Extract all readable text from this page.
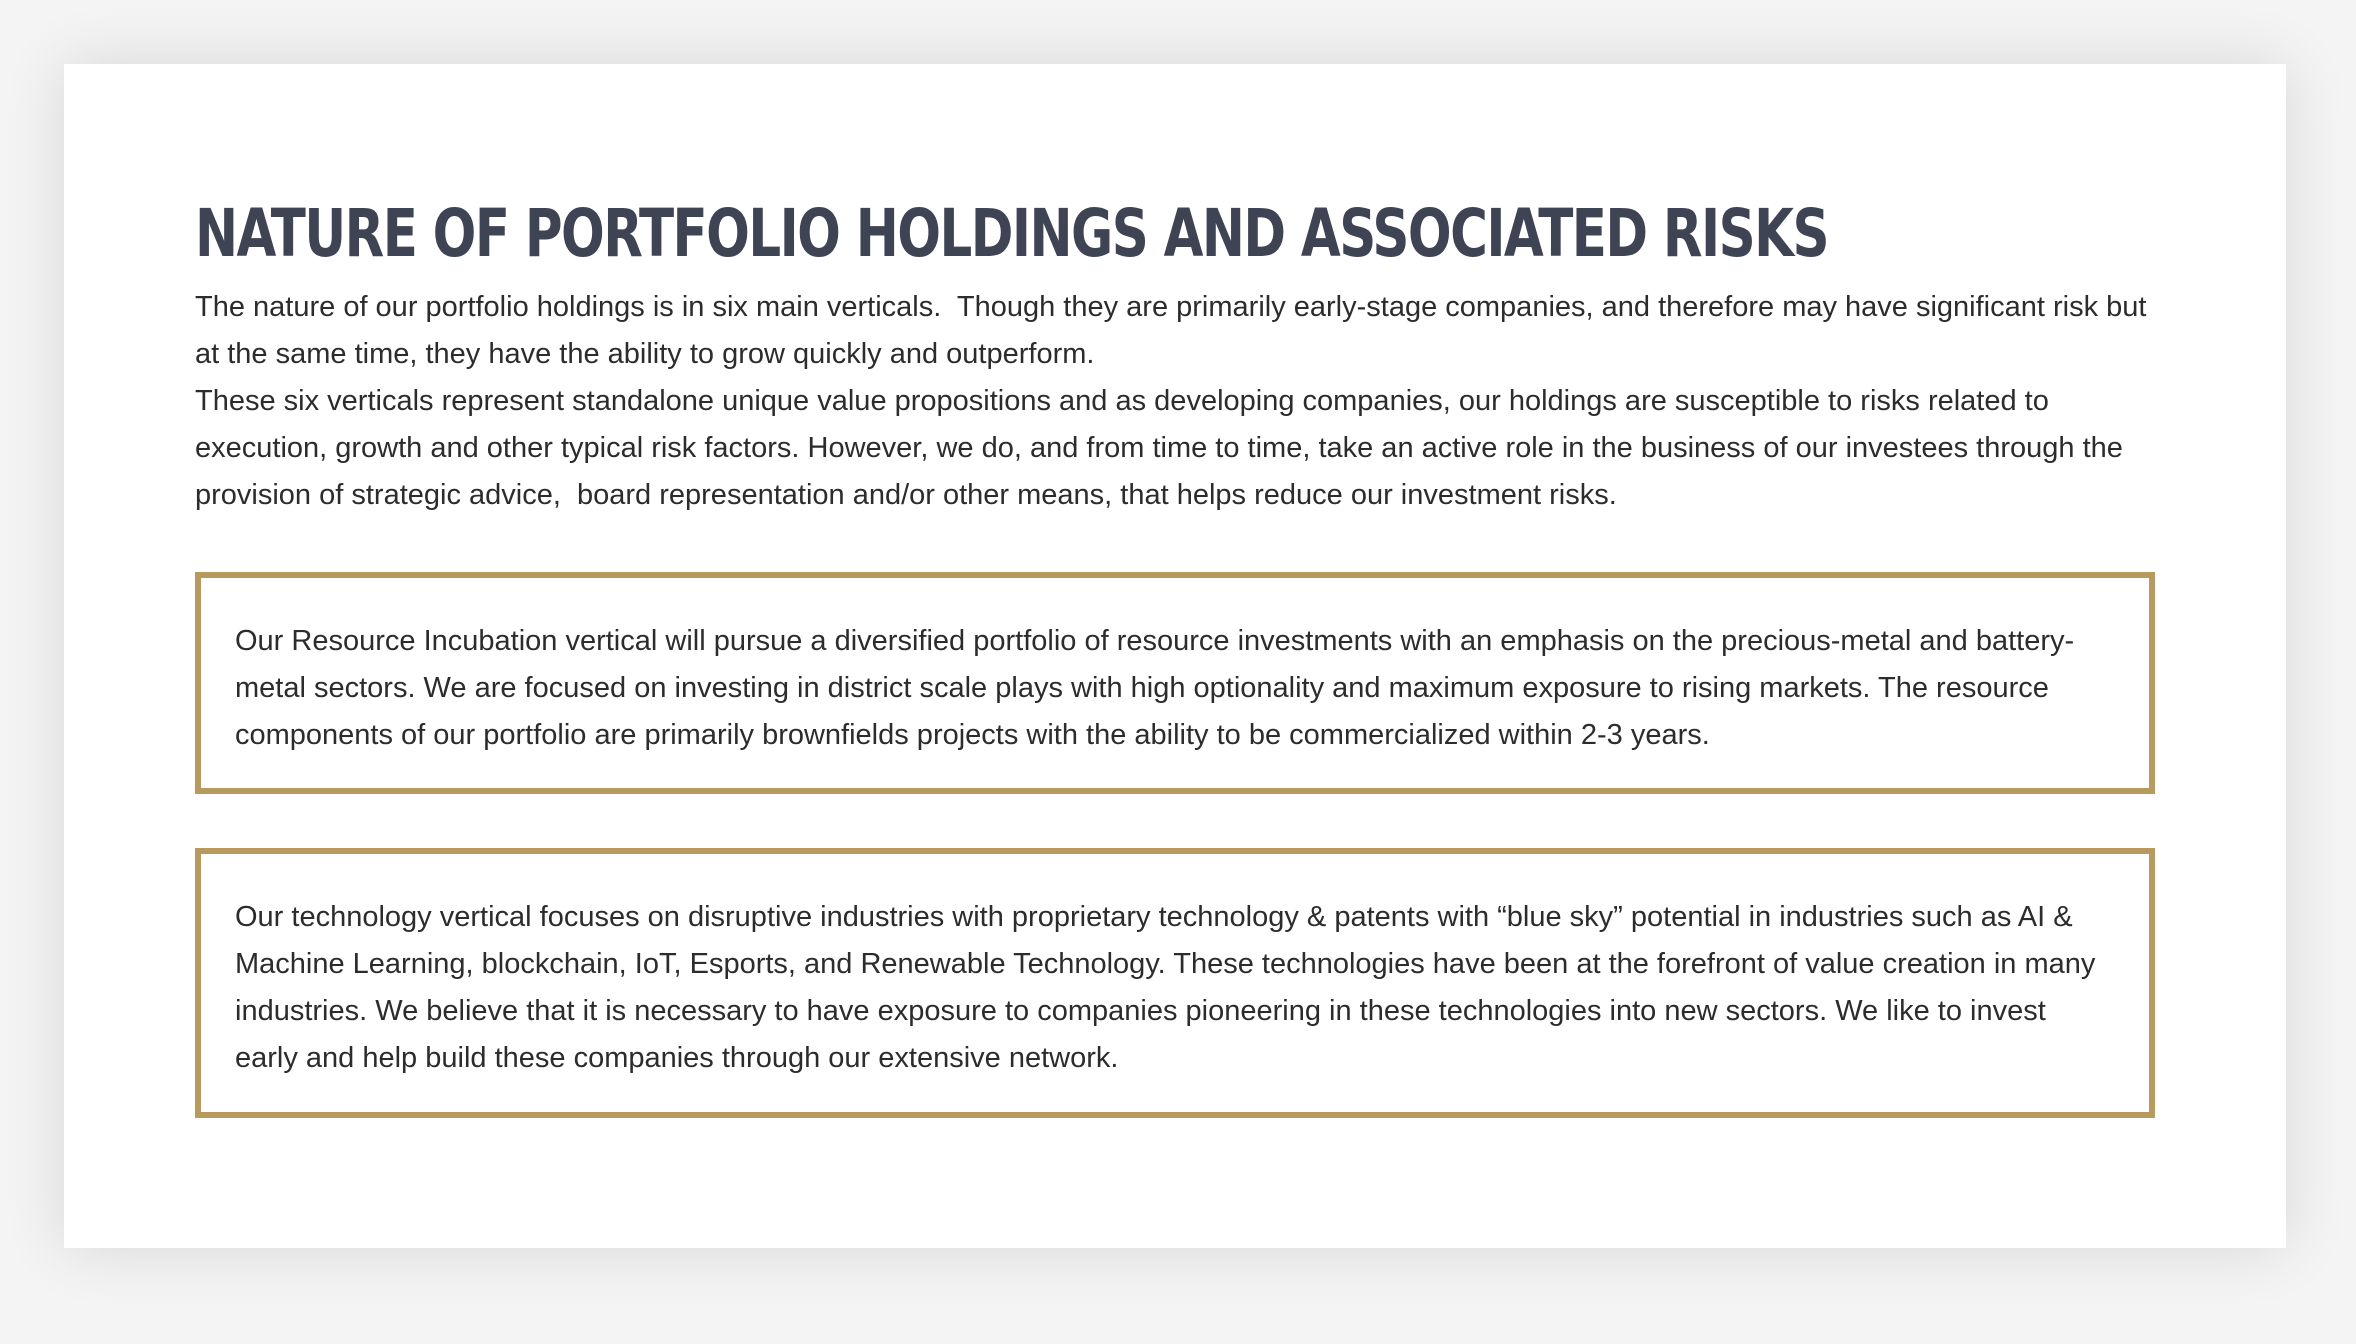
NATURE OF PORTFOLIO HOLDINGS AND ASSOCIATED RISKS

The nature of our portfolio holdings is in six main verticals.  Though they are primarily early-stage companies, and therefore may have significant risk but at the same time, they have the ability to grow quickly and outperform.

These six verticals represent standalone unique value propositions and as developing companies, our holdings are susceptible to risks related to execution, growth and other typical risk factors. However, we do, and from time to time, take an active role in the business of our investees through the provision of strategic advice,  board representation and/or other means, that helps reduce our investment risks.

Our Resource Incubation vertical will pursue a diversified portfolio of resource investments with an emphasis on the precious-metal and battery-metal sectors. We are focused on investing in district scale plays with high optionality and maximum exposure to rising markets. The resource components of our portfolio are primarily brownfields projects with the ability to be commercialized within 2-3 years.

Our technology vertical focuses on disruptive industries with proprietary technology & patents with “blue sky” potential in industries such as AI & Machine Learning, blockchain, IoT, Esports, and Renewable Technology. These technologies have been at the forefront of value creation in many industries. We believe that it is necessary to have exposure to companies pioneering in these technologies into new sectors. We like to invest early and help build these companies through our extensive network.
